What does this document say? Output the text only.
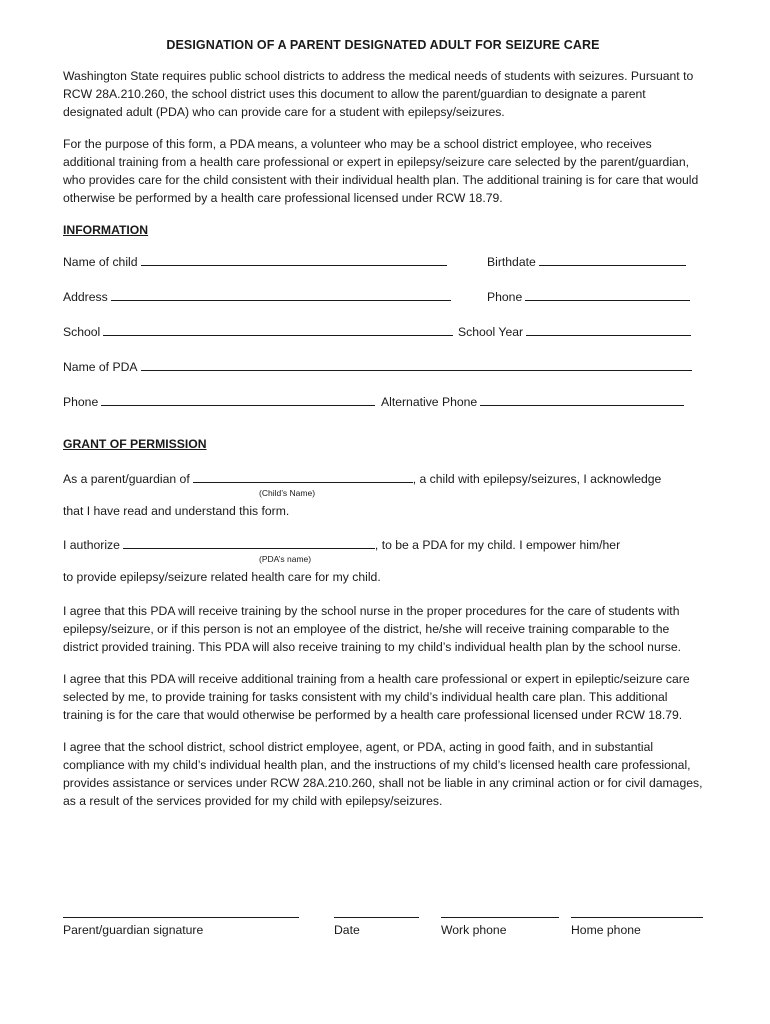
DESIGNATION OF A PARENT DESIGNATED ADULT FOR SEIZURE CARE

Washington State requires public school districts to address the medical needs of students with seizures. Pursuant to RCW 28A.210.260, the school district uses this document to allow the parent/guardian to designate a parent designated adult (PDA) who can provide care for a student with epilepsy/seizures.

For the purpose of this form, a PDA means, a volunteer who may be a school district employee, who receives additional training from a health care professional or expert in epilepsy/seizure care selected by the parent/guardian, who provides care for the child consistent with their individual health plan. The additional training is for care that would otherwise be performed by a health care professional licensed under RCW 18.79.

INFORMATION
Name of child	Birthdate
Address	Phone
School	School Year
Name of PDA
Phone	Alternative Phone
GRANT OF PERMISSION

As a parent/guardian of	, a child with epilepsy/seizures, I acknowledge

(Child’s Name)

that I have read and understand this form.

I authorize	, to be a PDA for my child. I empower him/her

(PDA’s name)

to provide epilepsy/seizure related health care for my child.

I agree that this PDA will receive training by the school nurse in the proper procedures for the care of students with epilepsy/seizure, or if this person is not an employee of the district, he/she will receive training comparable to the district provided training. This PDA will also receive training to my child’s individual health plan by the school nurse.

I agree that this PDA will receive additional training from a health care professional or expert in epileptic/seizure care selected by me, to provide training for tasks consistent with my child’s individual health care plan. This additional training is for the care that would otherwise be performed by a health care professional licensed under RCW 18.79.

I agree that the school district, school district employee, agent, or PDA, acting in good faith, and in substantial compliance with my child’s individual health plan, and the instructions of my child’s licensed health care professional, provides assistance or services under RCW 28A.210.260, shall not be liable in any criminal action or for civil damages, as a result of the services provided for my child with epilepsy/seizures.

Parent/guardian signature	Date	Work phone	Home phone
